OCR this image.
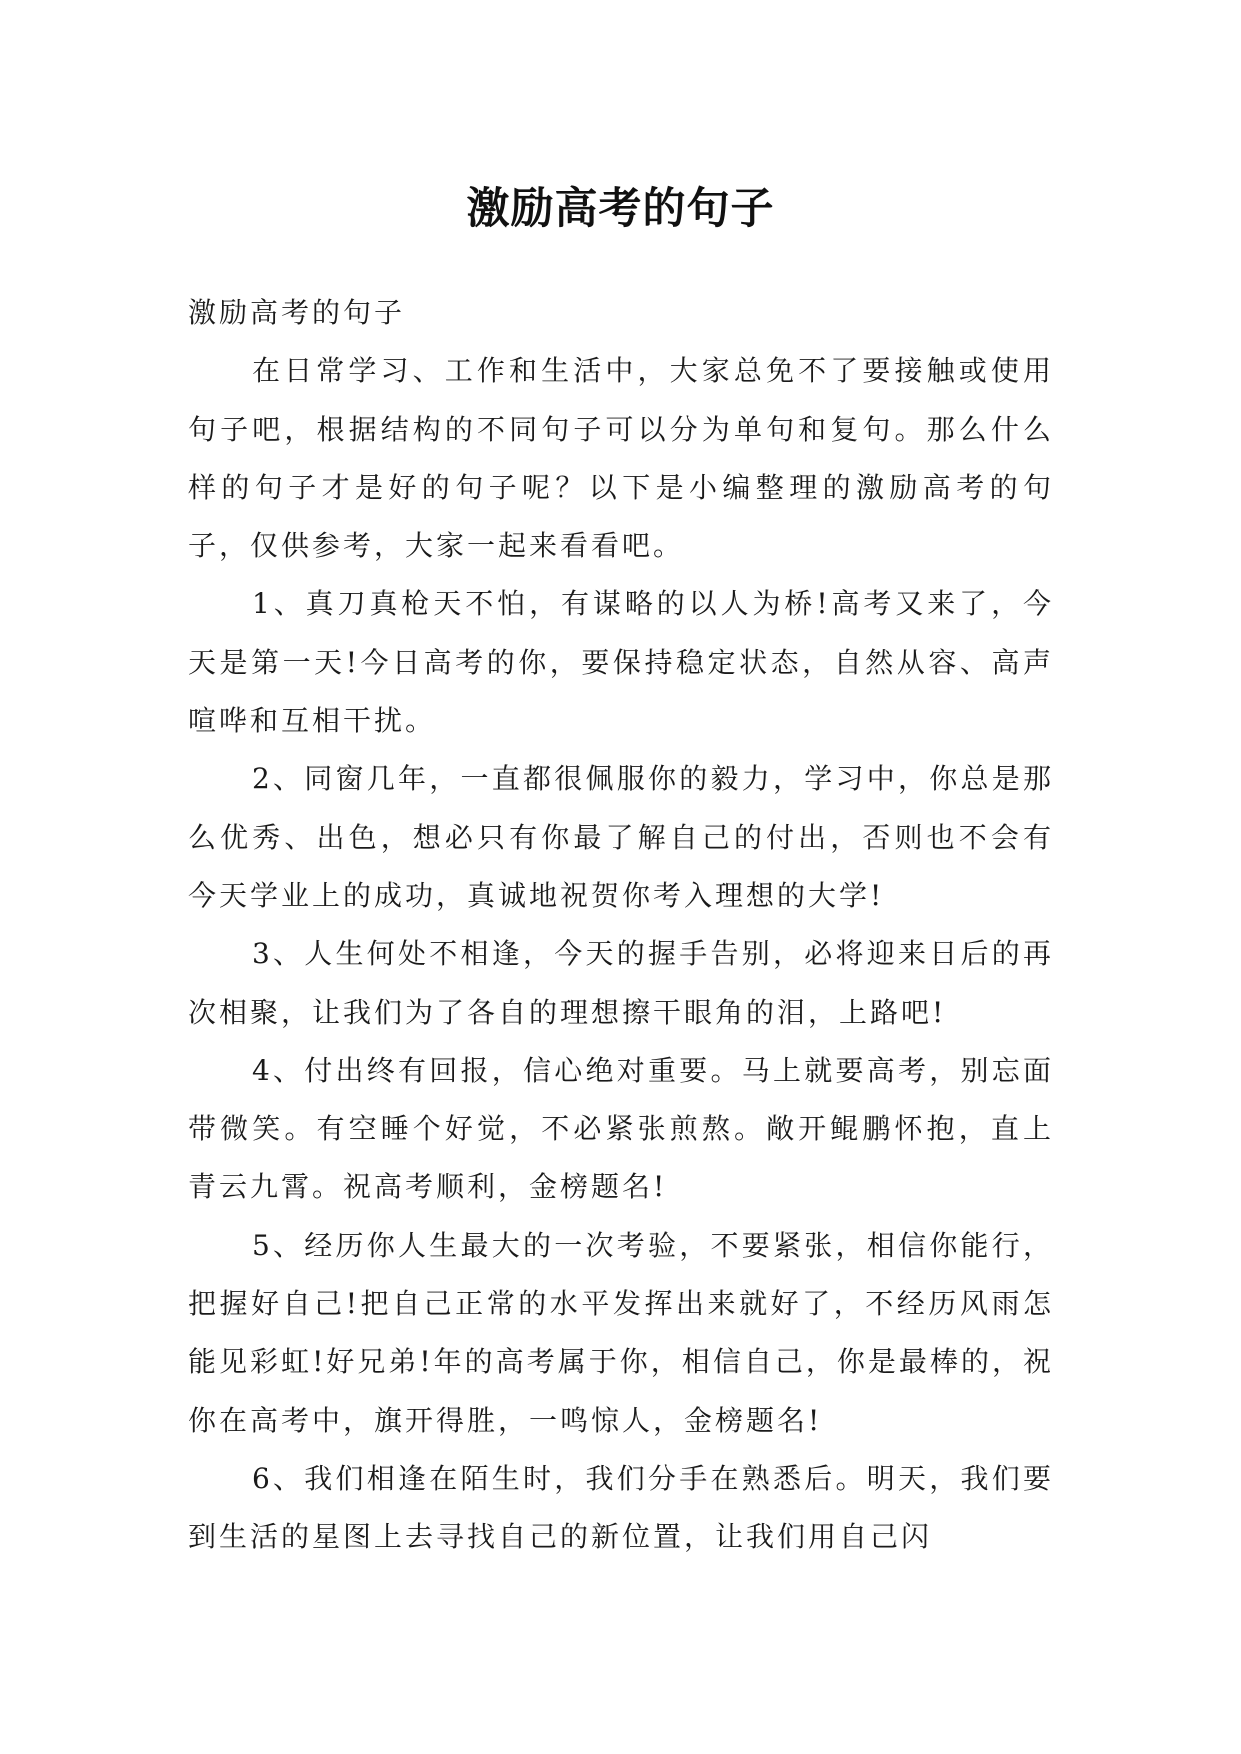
激励高考的句子

激励高考的句子

在日常学习、工作和生活中，大家总免不了要接触或使用句子吧，根据结构的不同句子可以分为单句和复句。那么什么样的句子才是好的句子呢？以下是小编整理的激励高考的句子，仅供参考，大家一起来看看吧。

1、真刀真枪天不怕，有谋略的以人为桥!高考又来了，今天是第一天!今日高考的你，要保持稳定状态，自然从容、高声喧哗和互相干扰。

2、同窗几年，一直都很佩服你的毅力，学习中，你总是那么优秀、出色，想必只有你最了解自己的付出，否则也不会有今天学业上的成功，真诚地祝贺你考入理想的大学!

3、人生何处不相逢，今天的握手告别，必将迎来日后的再次相聚，让我们为了各自的理想擦干眼角的泪，上路吧!

4、付出终有回报，信心绝对重要。马上就要高考，别忘面带微笑。有空睡个好觉，不必紧张煎熬。敞开鲲鹏怀抱，直上青云九霄。祝高考顺利，金榜题名!

5、经历你人生最大的一次考验，不要紧张，相信你能行，把握好自己!把自己正常的水平发挥出来就好了，不经历风雨怎能见彩虹!好兄弟!年的高考属于你，相信自己，你是最棒的，祝你在高考中，旗开得胜，一鸣惊人，金榜题名!

6、我们相逢在陌生时，我们分手在熟悉后。明天，我们要到生活的星图上去寻找自己的新位置，让我们用自己闪
